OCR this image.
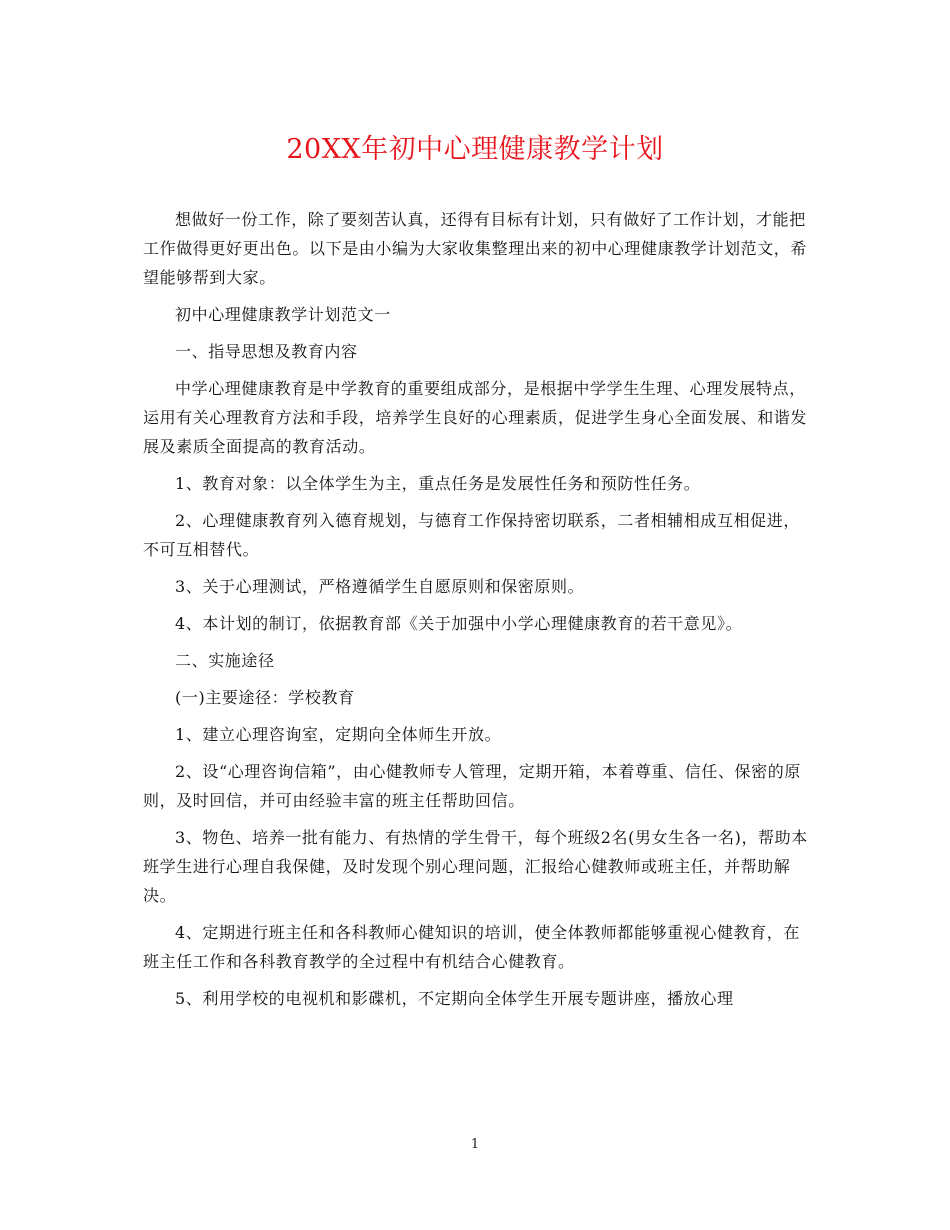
20XX年初中心理健康教学计划

想做好一份工作，除了要刻苦认真，还得有目标有计划，只有做好了工作计划，才能把工作做得更好更出色。以下是由小编为大家收集整理出来的初中心理健康教学计划范文，希望能够帮到大家。

初中心理健康教学计划范文一

一、指导思想及教育内容

中学心理健康教育是中学教育的重要组成部分，是根据中学学生生理、心理发展特点，运用有关心理教育方法和手段，培养学生良好的心理素质，促进学生身心全面发展、和谐发展及素质全面提高的教育活动。

1、教育对象：以全体学生为主，重点任务是发展性任务和预防性任务。

2、心理健康教育列入德育规划，与德育工作保持密切联系，二者相辅相成互相促进，不可互相替代。

3、关于心理测试，严格遵循学生自愿原则和保密原则。

4、本计划的制订，依据教育部《关于加强中小学心理健康教育的若干意见》。

二、实施途径

(一)主要途径：学校教育

1、建立心理咨询室，定期向全体师生开放。

2、设“心理咨询信箱”，由心健教师专人管理，定期开箱，本着尊重、信任、保密的原则，及时回信，并可由经验丰富的班主任帮助回信。

3、物色、培养一批有能力、有热情的学生骨干，每个班级2名(男女生各一名)，帮助本班学生进行心理自我保健，及时发现个别心理问题，汇报给心健教师或班主任，并帮助解决。

4、定期进行班主任和各科教师心健知识的培训，使全体教师都能够重视心健教育，在班主任工作和各科教育教学的全过程中有机结合心健教育。

5、利用学校的电视机和影碟机，不定期向全体学生开展专题讲座，播放心理

1
